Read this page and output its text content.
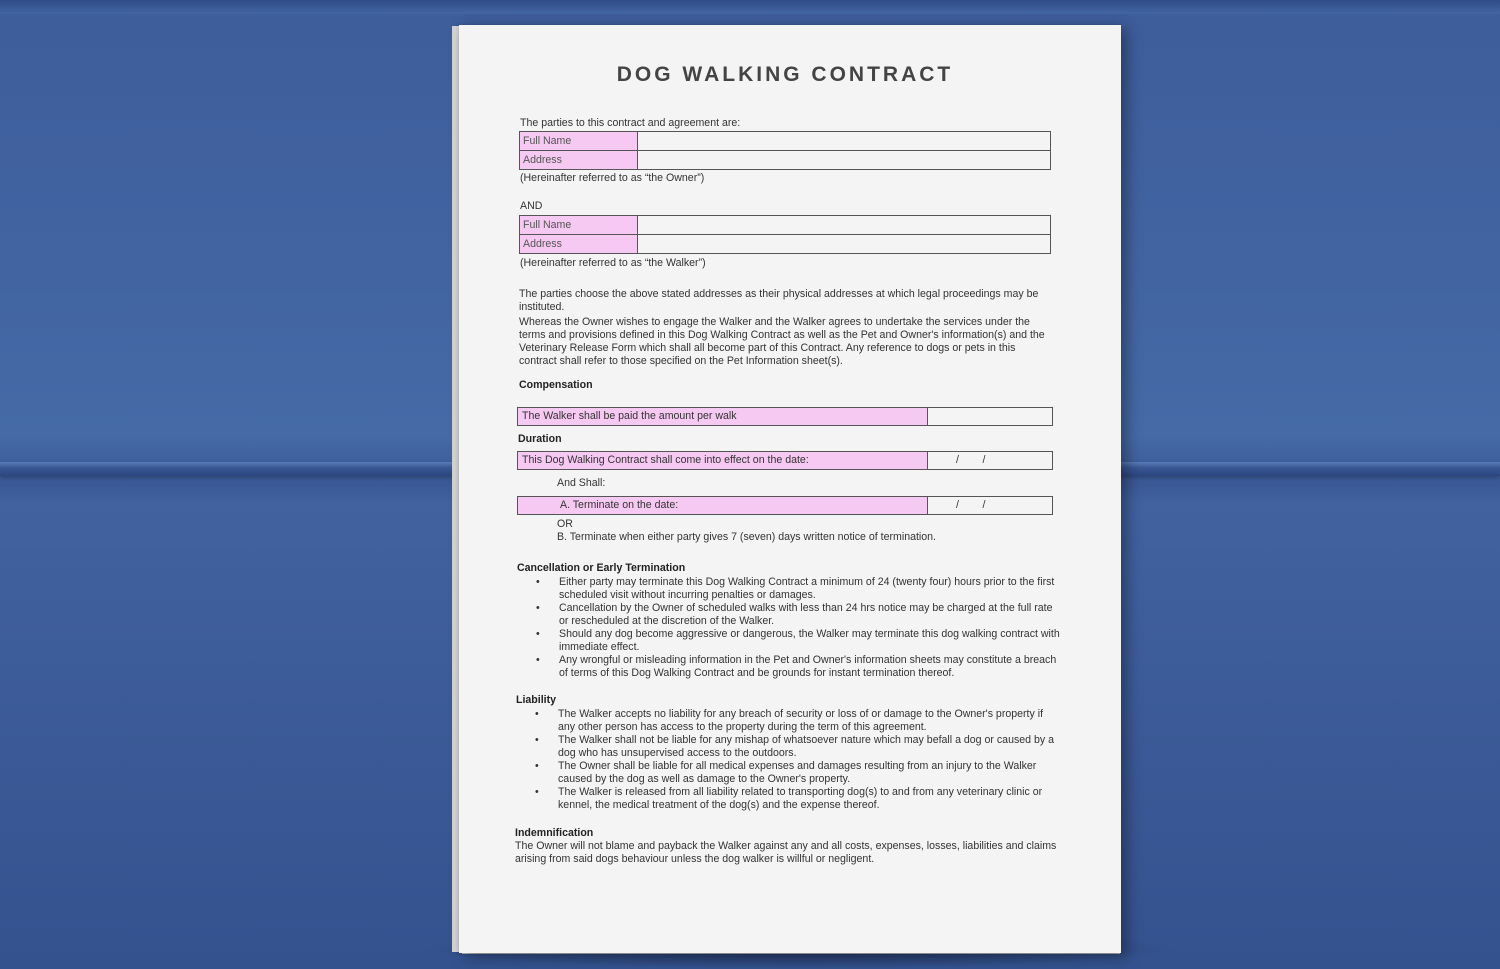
DOG WALKING CONTRACT
The parties to this contract and agreement are:
Full Name
Address
(Hereinafter referred to as “the Owner”)
AND
Full Name
Address
(Hereinafter referred to as “the Walker”)
The parties choose the above stated addresses as their physical addresses at which legal proceedings may be instituted.
Whereas the Owner wishes to engage the Walker and the Walker agrees to undertake the services under the terms and provisions defined in this Dog Walking Contract as well as the Pet and Owner's information(s) and the Veterinary Release Form which shall all become part of this Contract. Any reference to dogs or pets in this contract shall refer to those specified on the Pet Information sheet(s).
Compensation
The Walker shall be paid the amount per walk
Duration
This Dog Walking Contract shall come into effect on the date:	/        /
And Shall:
A. Terminate on the date:	/        /
OR
B. Terminate when either party gives 7 (seven) days written notice of termination.
Cancellation or Early Termination
• Either party may terminate this Dog Walking Contract a minimum of 24 (twenty four) hours prior to the first scheduled visit without incurring penalties or damages.
• Cancellation by the Owner of scheduled walks with less than 24 hrs notice may be charged at the full rate or rescheduled at the discretion of the Walker.
• Should any dog become aggressive or dangerous, the Walker may terminate this dog walking contract with immediate effect.
• Any wrongful or misleading information in the Pet and Owner's information sheets may constitute a breach of terms of this Dog Walking Contract and be grounds for instant termination thereof.
Liability
• The Walker accepts no liability for any breach of security or loss of or damage to the Owner's property if any other person has access to the property during the term of this agreement.
• The Walker shall not be liable for any mishap of whatsoever nature which may befall a dog or caused by a dog who has unsupervised access to the outdoors.
• The Owner shall be liable for all medical expenses and damages resulting from an injury to the Walker caused by the dog as well as damage to the Owner's property.
• The Walker is released from all liability related to transporting dog(s) to and from any veterinary clinic or kennel, the medical treatment of the dog(s) and the expense thereof.
Indemnification
The Owner will not blame and payback the Walker against any and all costs, expenses, losses, liabilities and claims arising from said dogs behaviour unless the dog walker is willful or negligent.
